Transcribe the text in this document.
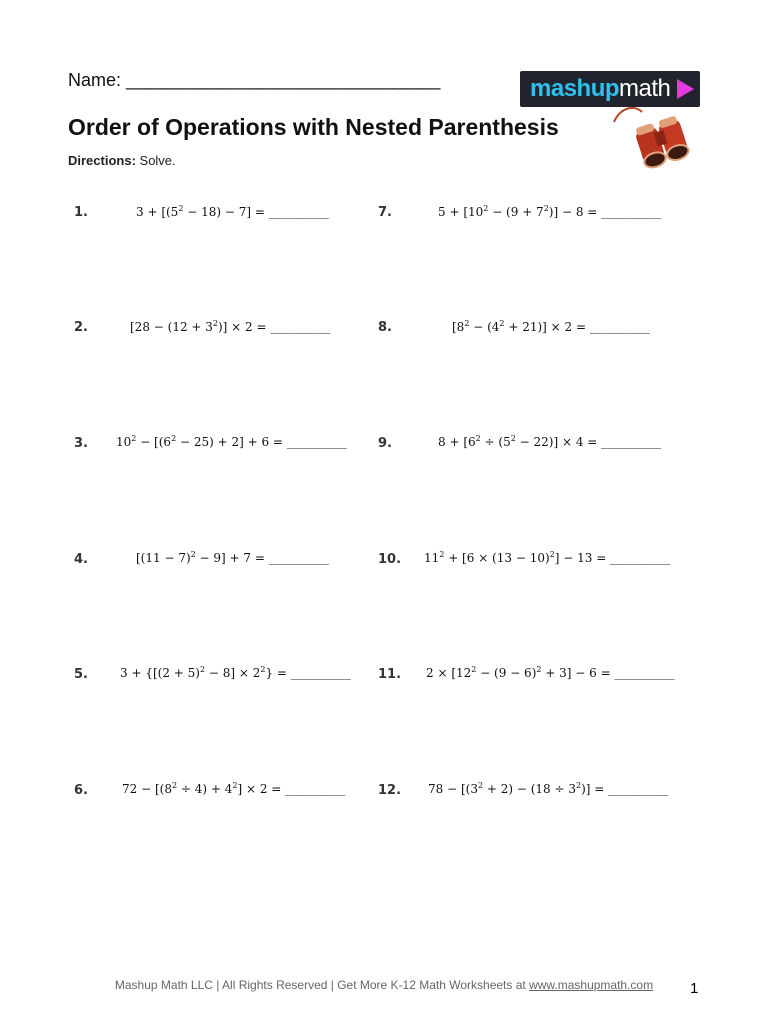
Name: _________________________________	mashup math
Order of Operations with Nested Parenthesis
Directions: Solve.
1.	$3 + [(5^2 - 18) - 7]$ = __________
2.	$[28 - (12 + 3^2)] \times 2$ = __________
3. $10^2 - [(6^2 - 25) + 2] + 6$ = __________
4.	$[(11 - 7)^2 - 9] + 7$ = __________
5.	$3 + \{[(2 + 5)^2 - 8] \times 2^2\}$ = __________
6.	$72 - [(8^2 \div 4) + 4^2] \times 2$ = __________
7.	$5 + [10^2 - (9 + 7^2)] - 8$ = __________
8.	$[8^2 - (4^2 + 21)] \times 2$ = __________
9.	$8 + [6^2 \div (5^2 - 22)] \times 4$ = __________
10. $11^2 + [6 \times (13 - 10)^2] - 13$ = __________
11. $2 \times [12^2 - (9 - 6)^2 + 3] - 6$ = __________
12. $78 - [(3^2 + 2) - (18 \div 3^2)]$ = __________
Mashup Math LLC | All Rights Reserved | Get More K-12 Math Worksheets at www.mashupmath.com	1
